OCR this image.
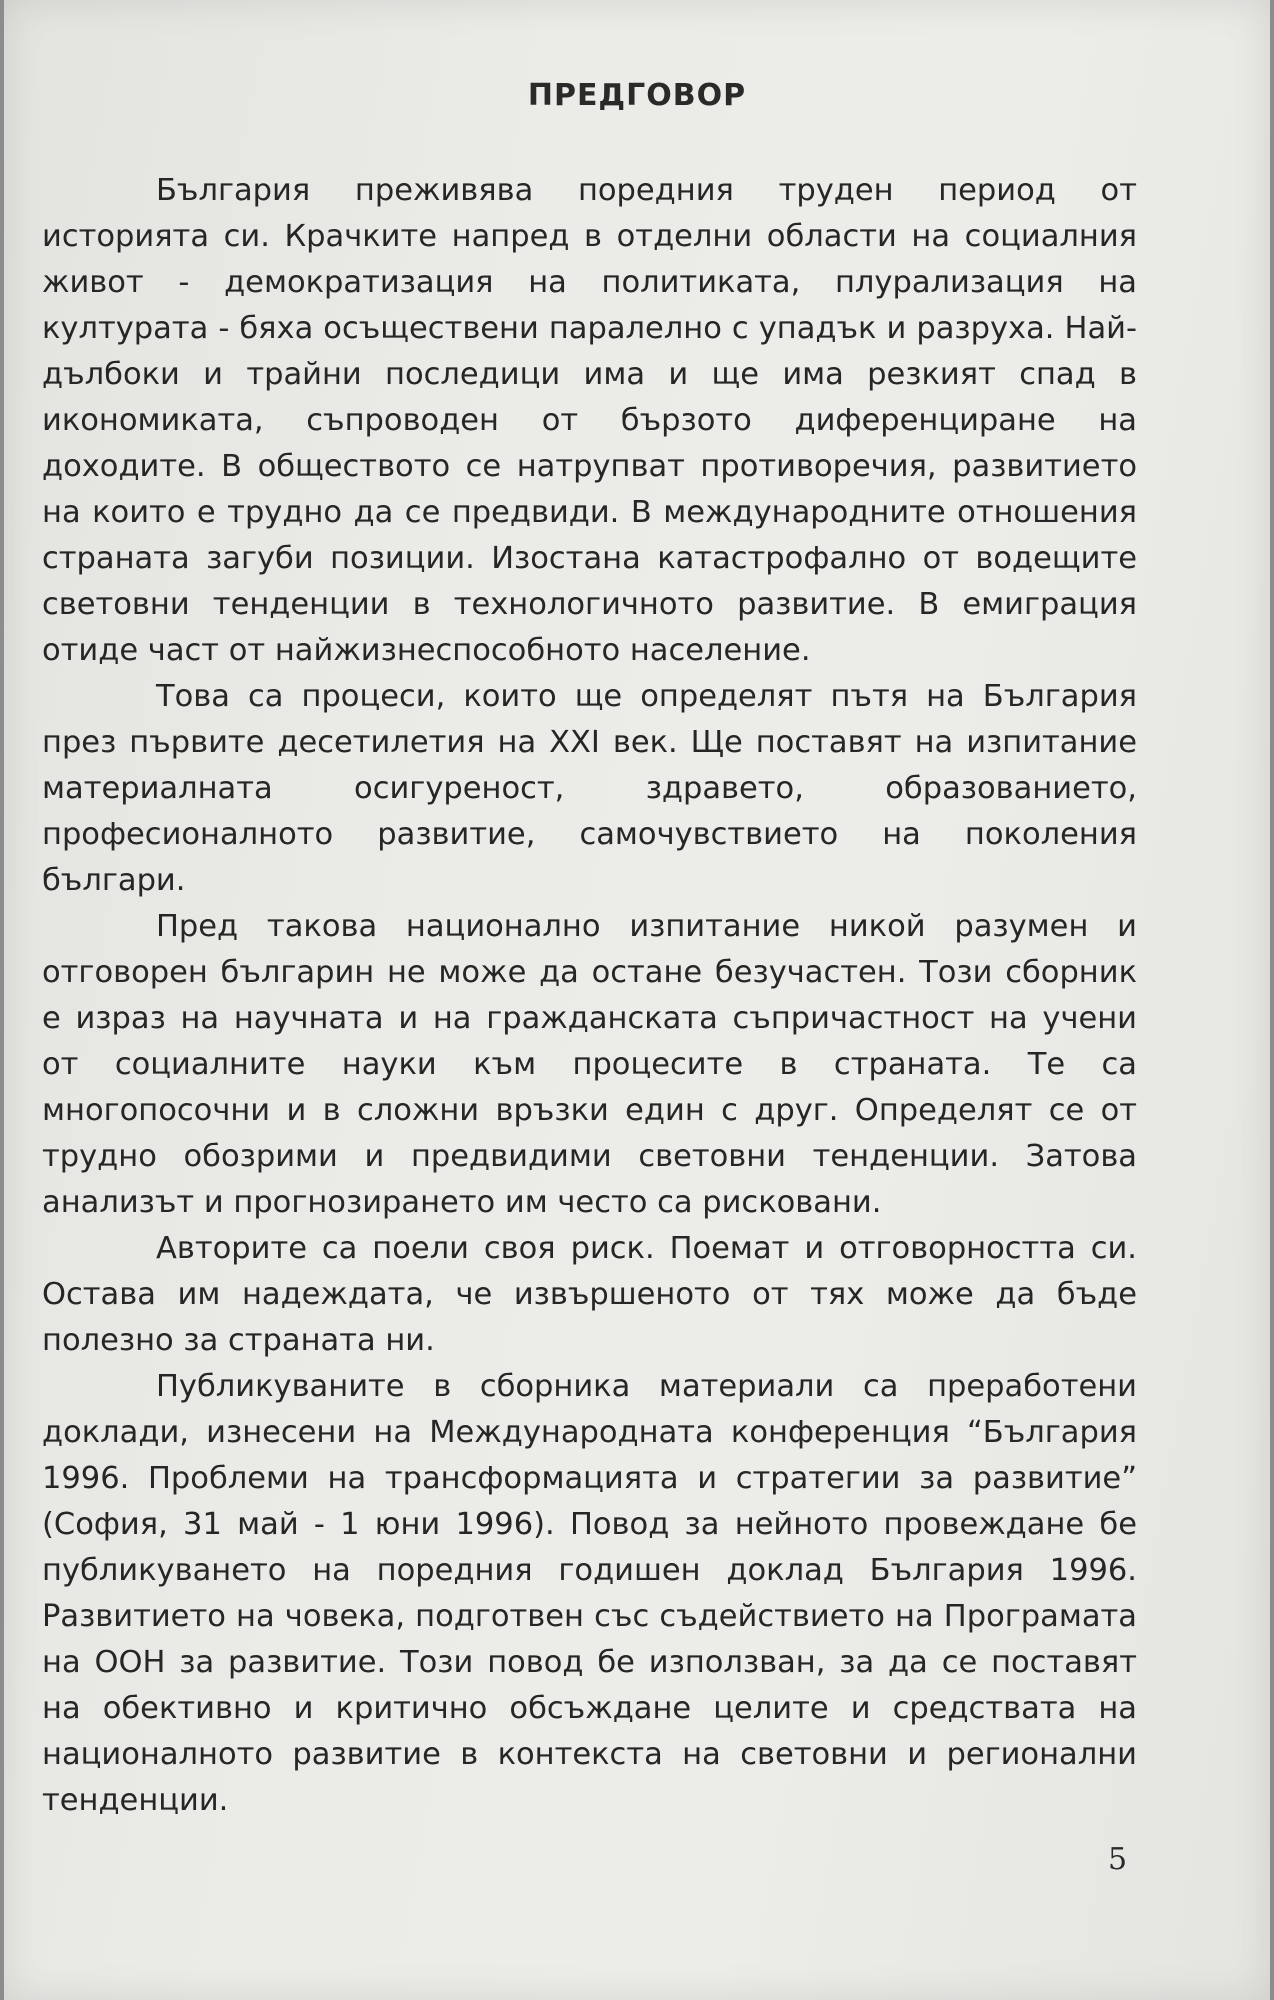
ПРЕДГОВОР

България преживява поредния труден период от историята си. Крачките напред в отделни области на социалния живот - демократизация на политиката, плурализация на културата - бяха осъществени паралелно с упадък и разруха. Най-дълбоки и трайни последици има и ще има резкият спад в икономиката, съпроводен от бързото диференциране на доходите. В обществото се натрупват противоречия, развитието на които е трудно да се предвиди. В международните отношения страната загуби позиции. Изостана катастрофално от водещите световни тенденции в технологичното развитие. В емиграция отиде част от найжизнеспособното население.

Това са процеси, които ще определят пътя на България през първите десетилетия на XXI век. Ще поставят на изпитание материалната осигуреност, здравето, образованието, професионалното развитие, самочувствието на поколения българи.

Пред такова национално изпитание никой разумен и отговорен българин не може да остане безучастен. Този сборник е израз на научната и на гражданската съпричастност на учени от социалните науки към процесите в страната. Те са многопосочни и в сложни връзки един с друг. Определят се от трудно обозрими и предвидими световни тенденции. Затова анализът и прогнозирането им често са рисковани.

Авторите са поели своя риск. Поемат и отговорността си. Остава им надеждата, че извършеното от тях може да бъде полезно за страната ни.

Публикуваните в сборника материали са преработени доклади, изнесени на Международната конференция “България 1996. Проблеми на трансформацията и стратегии за развитие” (София, 31 май - 1 юни 1996). Повод за нейното провеждане бе публикуването на поредния годишен доклад България 1996. Развитието на човека, подготвен със съдействието на Програмата на ООН за развитие. Този повод бе използван, за да се поставят на обективно и критично обсъждане целите и средствата на националното развитие в контекста на световни и регионални тенденции.

5
